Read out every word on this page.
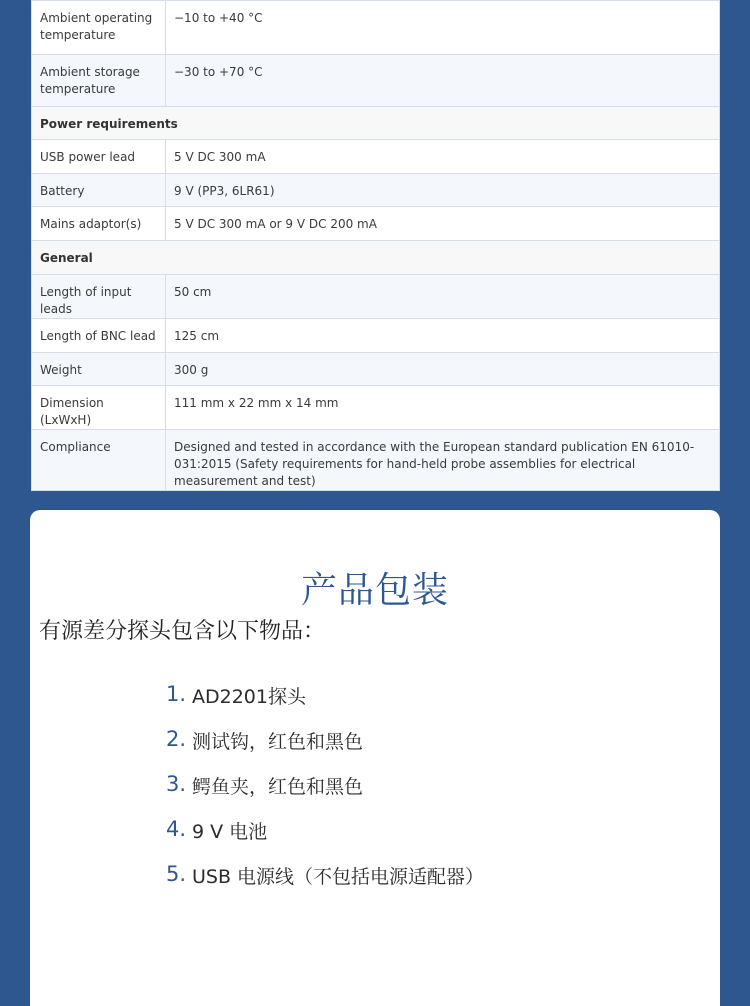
Ambient operating temperature	−10 to +40 °C
Ambient storage temperature	−30 to +70 °C
Power requirements	
USB power lead	5 V DC 300 mA
Battery	9 V (PP3, 6LR61)
Mains adaptor(s)	5 V DC 300 mA or 9 V DC 200 mA
General	
Length of input leads	50 cm
Length of BNC lead	125 cm
Weight	300 g
Dimension (LxWxH)	111 mm x 22 mm x 14 mm
Compliance	Designed and tested in accordance with the European standard publication EN 61010-031:2015 (Safety requirements for hand-held probe assemblies for electrical measurement and test)
产品包装
有源差分探头包含以下物品：
1. AD2201探头
2. 测试钩，红色和黑色
3. 鳄鱼夹，红色和黑色
4. 9 V 电池
5. USB 电源线（不包括电源适配器）
